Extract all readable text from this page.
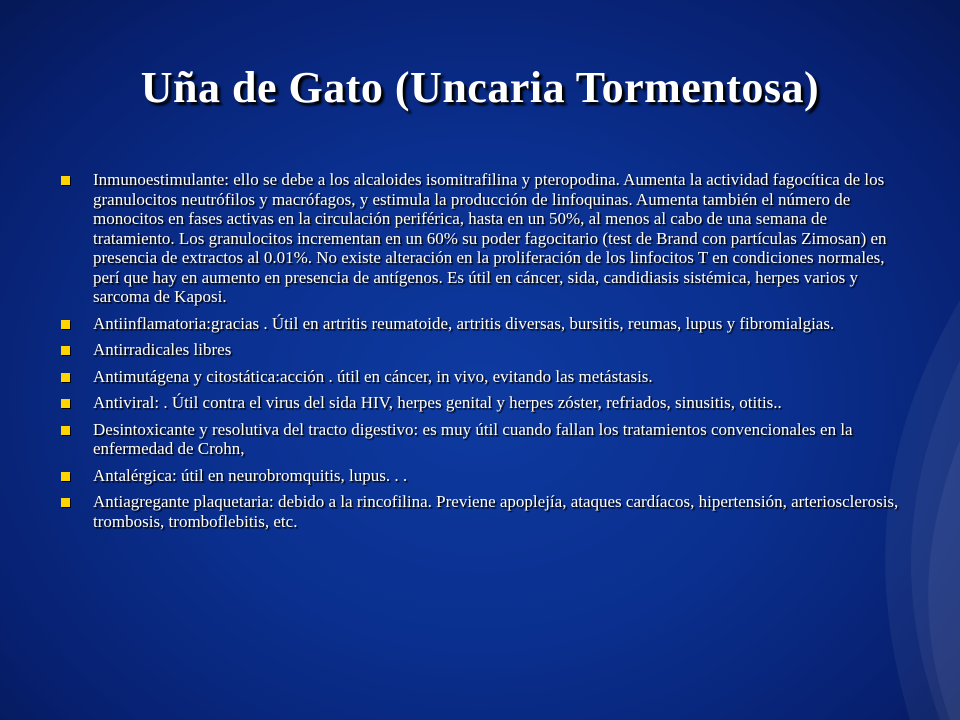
Uña de Gato (Uncaria Tormentosa)
Inmunoestimulante: ello se debe a los alcaloides isomitrafilina y pteropodina. Aumenta la actividad fagocítica de los granulocitos neutrófilos y macrófagos, y estimula la producción de linfoquinas. Aumenta también el número de monocitos en fases activas en la circulación periférica, hasta en un 50%, al menos al cabo de una semana de tratamiento. Los granulocitos incrementan en un 60% su poder fagocitario (test de Brand con partículas Zimosan) en presencia de extractos al 0.01%. No existe alteración en la proliferación de los linfocitos T en condiciones normales, perí que hay en aumento en presencia de antígenos. Es útil en cáncer, sida, candidiasis sistémica, herpes varios y sarcoma de Kaposi.
Antiinflamatoria:gracias . Útil en artritis reumatoide, artritis diversas, bursitis, reumas, lupus y fibromialgias.
Antirradicales libres
Antimutágena y citostática:acción . útil en cáncer, in vivo, evitando las metástasis.
Antiviral: . Útil contra el virus del sida HIV, herpes genital y herpes zóster, refriados, sinusitis, otitis..
Desintoxicante y resolutiva del tracto digestivo: es muy útil cuando fallan los tratamientos convencionales en la enfermedad de Crohn,
Antalérgica: útil en neurobromquitis, lupus. . .
Antiagregante plaquetaria: debido a la rincofilina. Previene apoplejía, ataques cardíacos, hipertensión, arteriosclerosis, trombosis, tromboflebitis, etc.
